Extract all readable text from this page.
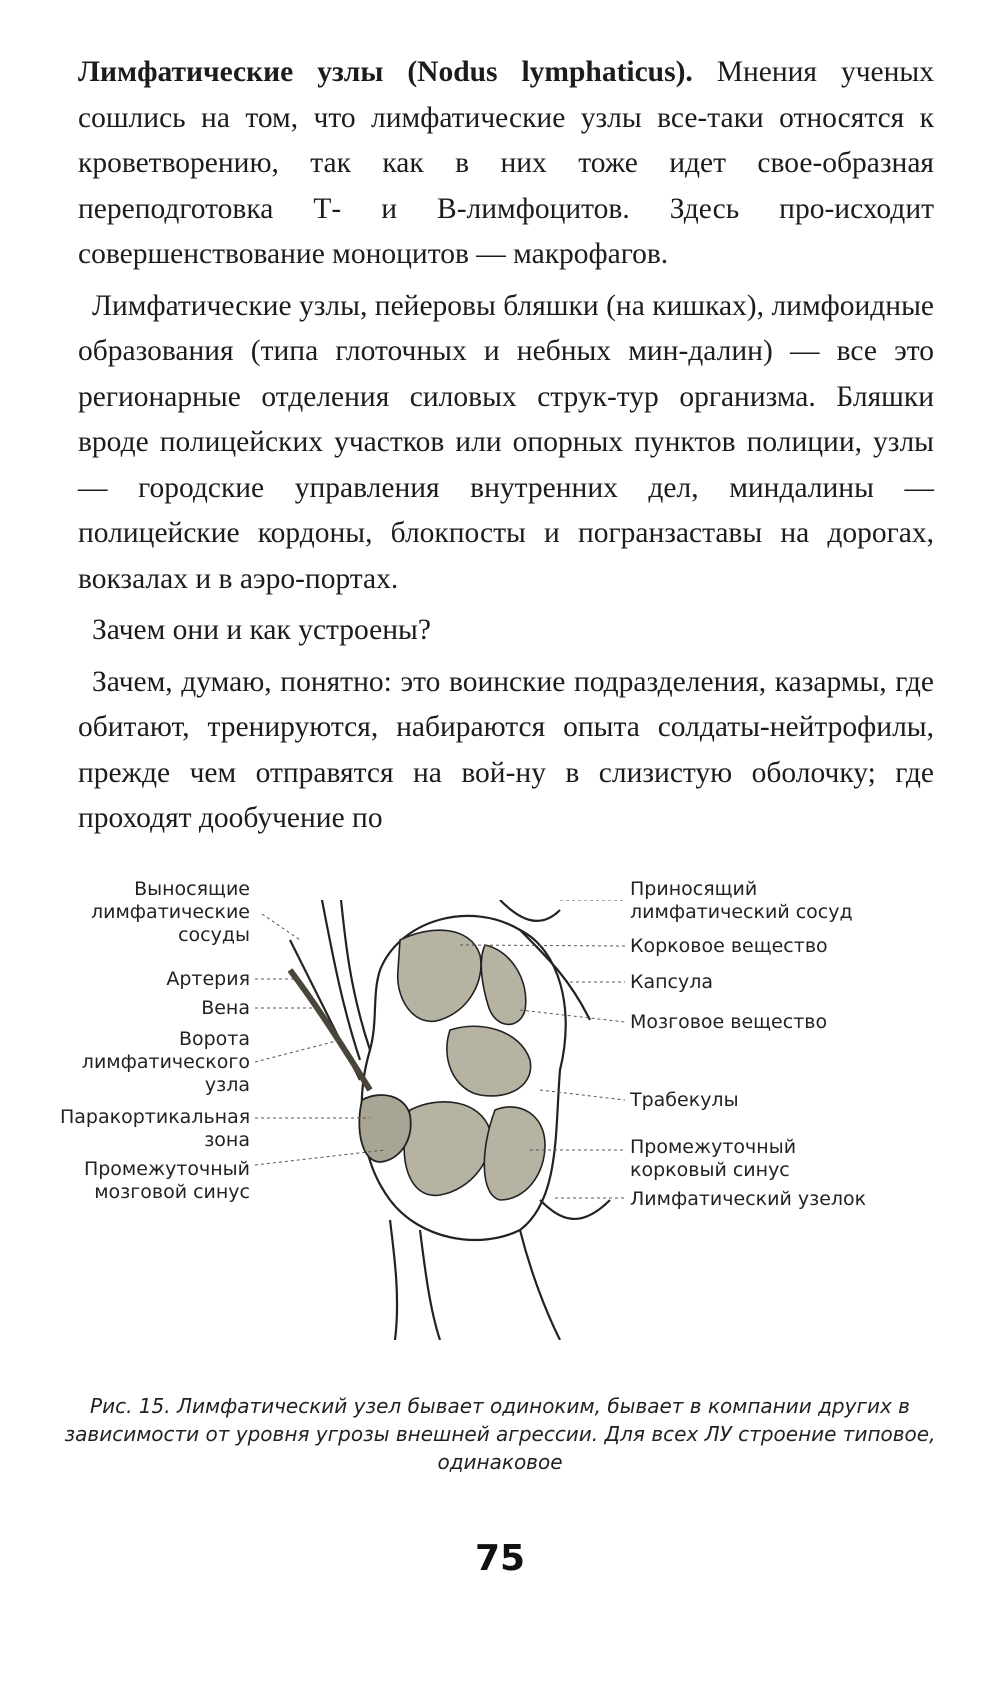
Лимфатические узлы (Nodus lymphaticus). Мнения ученых сошлись на том, что лимфатические узлы все-таки относятся к кроветворению, так как в них тоже идет свое-образная переподготовка Т- и В-лимфоцитов. Здесь про-исходит совершенствование моноцитов — макрофагов.

Лимфатические узлы, пейеровы бляшки (на кишках), лимфоидные образования (типа глоточных и небных мин-далин) — все это регионарные отделения силовых струк-тур организма. Бляшки вроде полицейских участков или опорных пунктов полиции, узлы — городские управления внутренних дел, миндалины — полицейские кордоны, блокпосты и погранзаставы на дорогах, вокзалах и в аэро-портах.

Зачем они и как устроены?

Зачем, думаю, понятно: это воинские подразделения, казармы, где обитают, тренируются, набираются опыта солдаты-нейтрофилы, прежде чем отправятся на вой-ну в слизистую оболочку; где проходят дообучение по

Выносящие лимфатические сосуды
Артерия
Вена
Ворота лимфатического узла
Паракортикальная зона
Промежуточный мозговой синус
Приносящий лимфатический сосуд
Корковое вещество
Капсула
Мозговое вещество
Трабекулы
Промежуточный корковый синус
Лимфатический узелок
Рис. 15. Лимфатический узел бывает одиноким, бывает в компании других в зависимости от уровня угрозы внешней агрессии. Для всех ЛУ строение типовое, одинаковое
75
